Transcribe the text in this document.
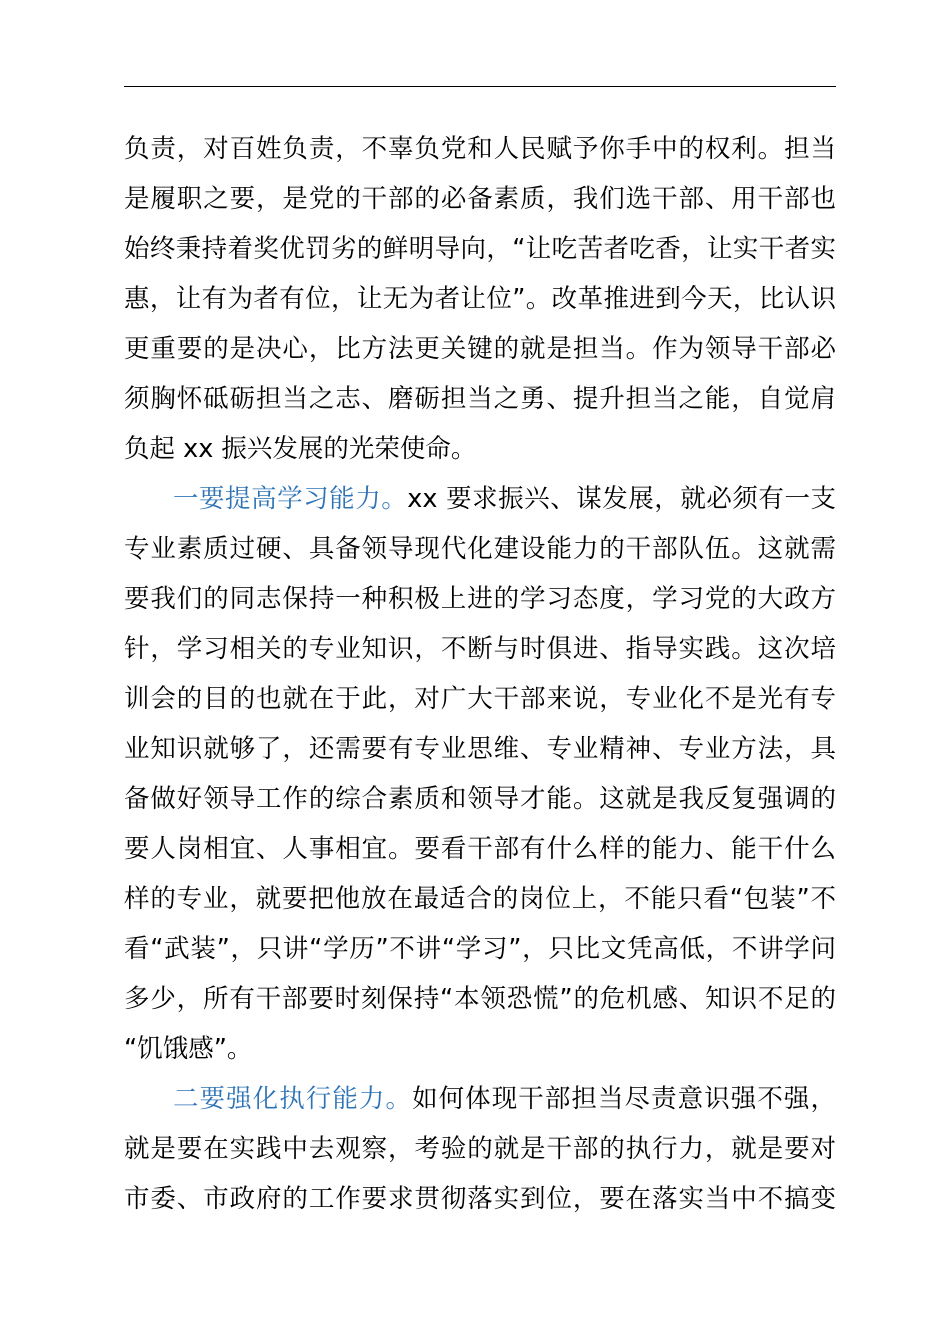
负责，对百姓负责，不辜负党和人民赋予你手中的权利。担当
是履职之要，是党的干部的必备素质，我们选干部、用干部也
始终秉持着奖优罚劣的鲜明导向，“让吃苦者吃香，让实干者实
惠，让有为者有位，让无为者让位”。改革推进到今天，比认识
更重要的是决心，比方法更关键的就是担当。作为领导干部必
须胸怀砥砺担当之志、磨砺担当之勇、提升担当之能，自觉肩
负起 xx 振兴发展的光荣使命。
一要提高学习能力。xx 要求振兴、谋发展，就必须有一支
专业素质过硬、具备领导现代化建设能力的干部队伍。这就需
要我们的同志保持一种积极上进的学习态度，学习党的大政方
针，学习相关的专业知识，不断与时俱进、指导实践。这次培
训会的目的也就在于此，对广大干部来说，专业化不是光有专
业知识就够了，还需要有专业思维、专业精神、专业方法，具
备做好领导工作的综合素质和领导才能。这就是我反复强调的
要人岗相宜、人事相宜。要看干部有什么样的能力、能干什么
样的专业，就要把他放在最适合的岗位上，不能只看“包装”不
看“武装”，只讲“学历”不讲“学习”，只比文凭高低，不讲学问
多少，所有干部要时刻保持“本领恐慌”的危机感、知识不足的
“饥饿感”。
二要强化执行能力。如何体现干部担当尽责意识强不强，
就是要在实践中去观察，考验的就是干部的执行力，就是要对
市委、市政府的工作要求贯彻落实到位，要在落实当中不搞变
